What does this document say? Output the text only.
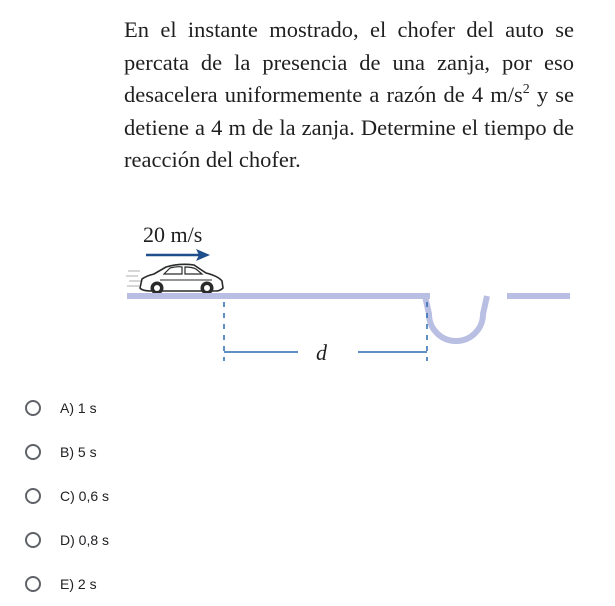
En el instante mostrado, el chofer del auto se percata de la presencia de una zanja, por eso desacelera uniformemente a razón de 4 $m/s^2$ y se detiene a 4 m de la zanja. Determine el tiempo de reacción del chofer.

20 m/s
d
A) 1 s
B) 5 s
C) 0,6 s
D) 0,8 s
E) 2 s
